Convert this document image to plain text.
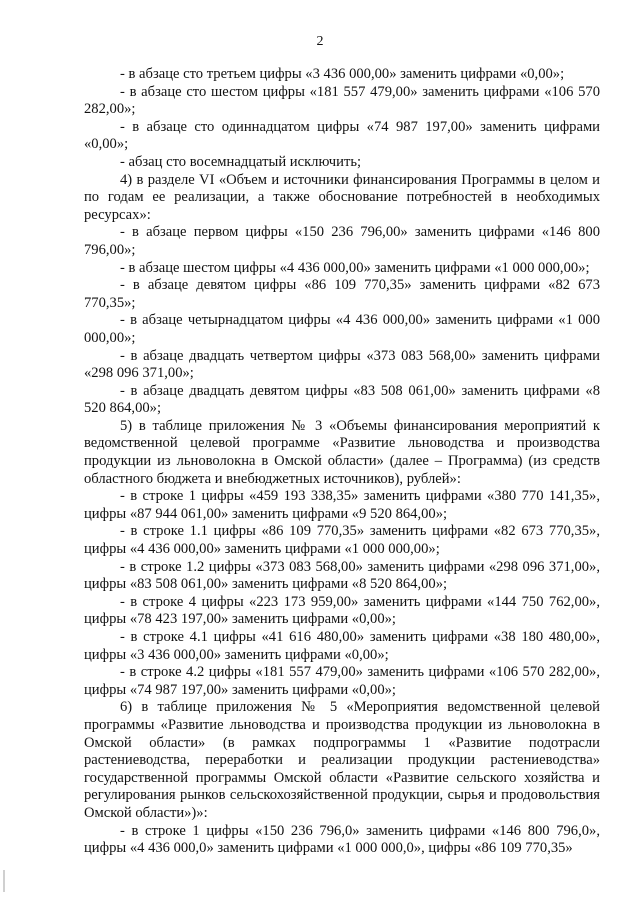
2

- в абзаце сто третьем цифры «3 436 000,00» заменить цифрами «0,00»;

- в абзаце сто шестом цифры «181 557 479,00» заменить цифрами «106 570 282,00»;

- в абзаце сто одиннадцатом цифры «74 987 197,00» заменить цифрами «0,00»;

- абзац сто восемнадцатый исключить;

4) в разделе VI «Объем и источники финансирования Программы в целом и по годам ее реализации, а также обоснование потребностей в необходимых ресурсах»:

- в абзаце первом цифры «150 236 796,00» заменить цифрами «146 800 796,00»;

- в абзаце шестом цифры «4 436 000,00» заменить цифрами «1 000 000,00»;

- в абзаце девятом цифры «86 109 770,35» заменить цифрами «82 673 770,35»;

- в абзаце четырнадцатом цифры «4 436 000,00» заменить цифрами «1 000 000,00»;

- в абзаце двадцать четвертом цифры «373 083 568,00» заменить цифрами «298 096 371,00»;

- в абзаце двадцать девятом цифры «83 508 061,00» заменить цифрами «8 520 864,00»;

5) в таблице приложения № 3 «Объемы финансирования мероприятий к ведомственной целевой программе «Развитие льноводства и производства продукции из льноволокна в Омской области» (далее – Программа) (из средств областного бюджета и внебюджетных источников), рублей»:

- в строке 1 цифры «459 193 338,35» заменить цифрами «380 770 141,35», цифры «87 944 061,00» заменить цифрами «9 520 864,00»;

- в строке 1.1 цифры «86 109 770,35» заменить цифрами «82 673 770,35», цифры «4 436 000,00» заменить цифрами «1 000 000,00»;

- в строке 1.2 цифры «373 083 568,00» заменить цифрами «298 096 371,00», цифры «83 508 061,00» заменить цифрами «8 520 864,00»;

- в строке 4 цифры «223 173 959,00» заменить цифрами «144 750 762,00», цифры «78 423 197,00» заменить цифрами «0,00»;

- в строке 4.1 цифры «41 616 480,00» заменить цифрами «38 180 480,00», цифры «3 436 000,00» заменить цифрами «0,00»;

- в строке 4.2 цифры «181 557 479,00» заменить цифрами «106 570 282,00», цифры «74 987 197,00» заменить цифрами «0,00»;

6) в таблице приложения № 5 «Мероприятия ведомственной целевой программы «Развитие льноводства и производства продукции из льноволокна в Омской области» (в рамках подпрограммы 1 «Развитие подотрасли растениеводства, переработки и реализации продукции растениеводства» государственной программы Омской области «Развитие сельского хозяйства и регулирования рынков сельскохозяйственной продукции, сырья и продовольствия Омской области»)»:

- в строке 1 цифры «150 236 796,0» заменить цифрами «146 800 796,0», цифры «4 436 000,0» заменить цифрами «1 000 000,0», цифры «86 109 770,35»
